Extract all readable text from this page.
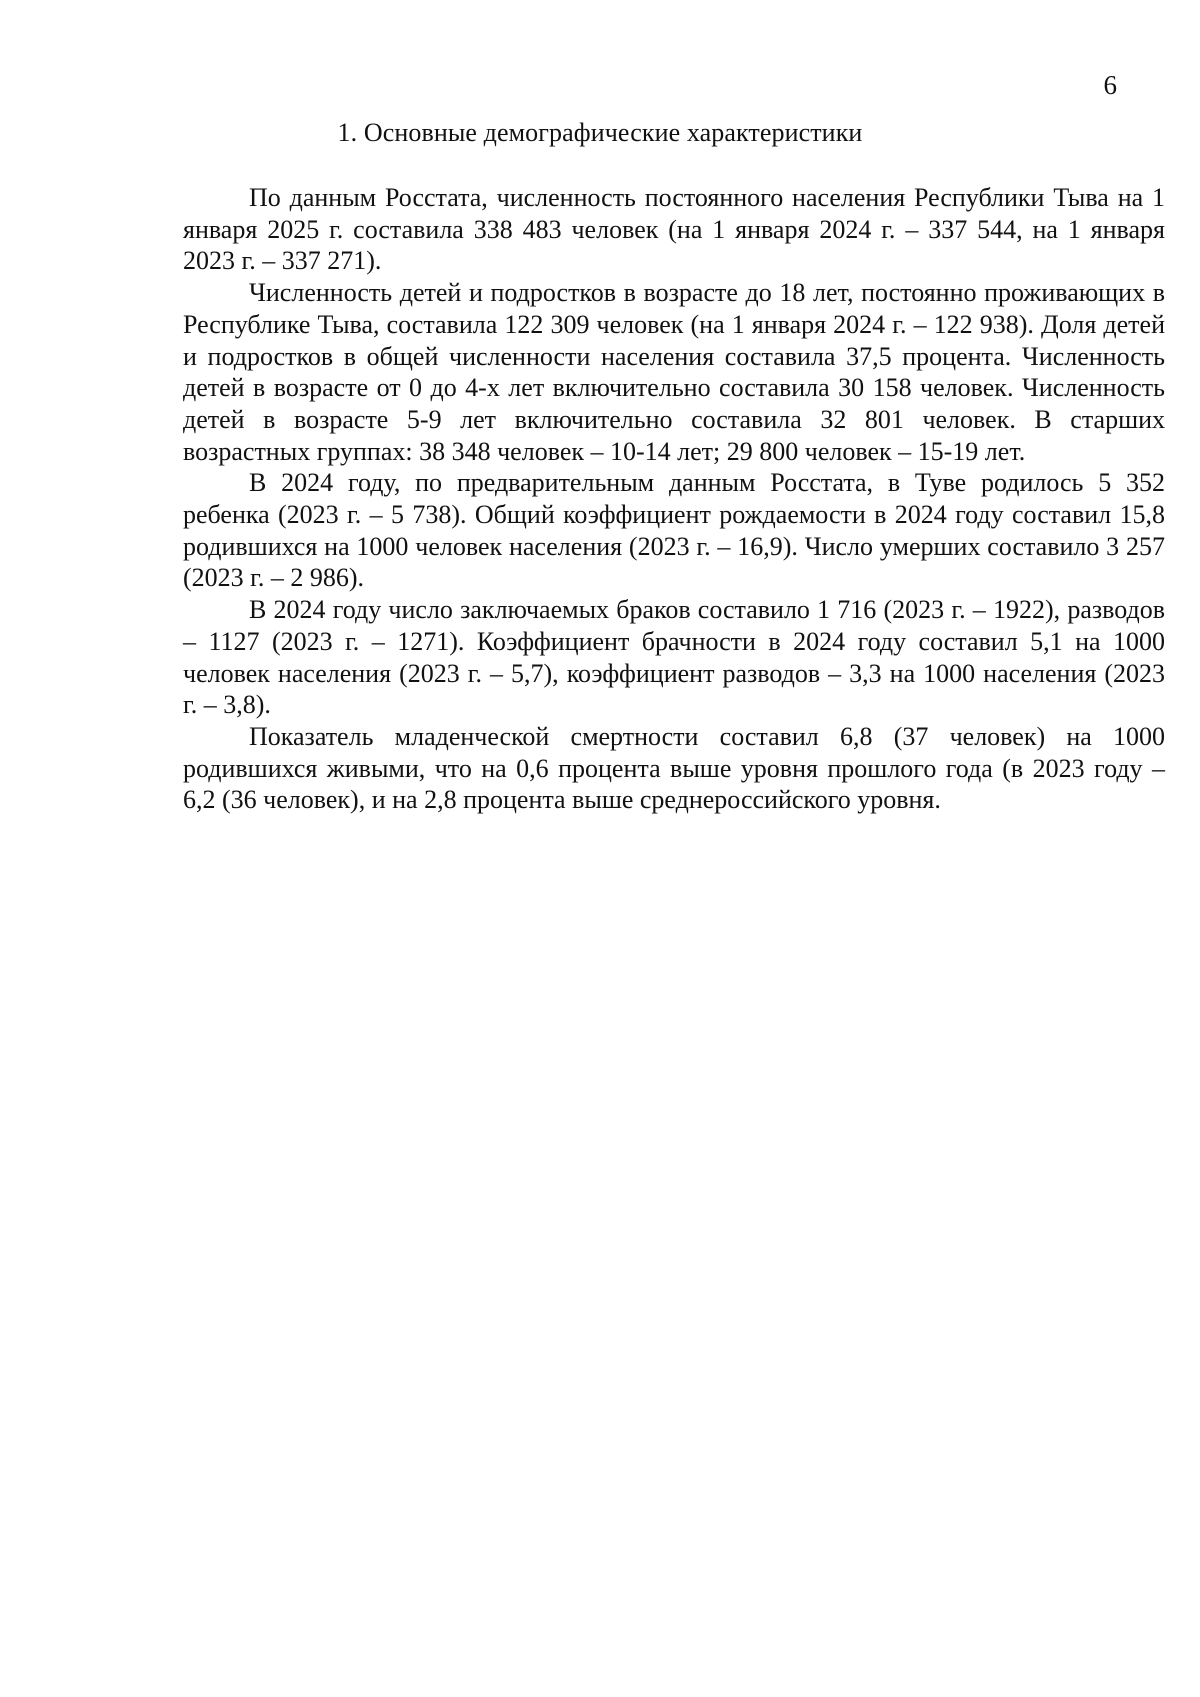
6
1. Основные демографические характеристики

По данным Росстата, численность постоянного населения Республики Тыва на 1 января 2025 г. составила 338 483 человек (на 1 января 2024 г. – 337 544, на 1 января 2023 г. – 337 271).

Численность детей и подростков в возрасте до 18 лет, постоянно проживающих в Республике Тыва, составила 122 309 человек (на 1 января 2024 г. – 122 938). Доля детей и подростков в общей численности населения составила 37,5 процента. Численность детей в возрасте от 0 до 4-х лет включительно составила 30 158 человек. Численность детей в возрасте 5-9 лет включительно составила 32 801 человек. В старших возрастных группах: 38 348 человек – 10-14 лет; 29 800 человек – 15-19 лет.

В 2024 году, по предварительным данным Росстата, в Туве родилось 5 352 ребенка (2023 г. – 5 738). Общий коэффициент рождаемости в 2024 году составил 15,8 родившихся на 1000 человек населения (2023 г. – 16,9). Число умерших составило 3 257 (2023 г. – 2 986).

В 2024 году число заключаемых браков составило 1 716 (2023 г. – 1922), разводов – 1127 (2023 г. – 1271). Коэффициент брачности в 2024 году составил 5,1 на 1000 человек населения (2023 г. – 5,7), коэффициент разводов – 3,3 на 1000 населения (2023 г. – 3,8).

Показатель младенческой смертности составил 6,8 (37 человек) на 1000 родившихся живыми, что на 0,6 процента выше уровня прошлого года (в 2023 году – 6,2 (36 человек), и на 2,8 процента выше среднероссийского уровня.
